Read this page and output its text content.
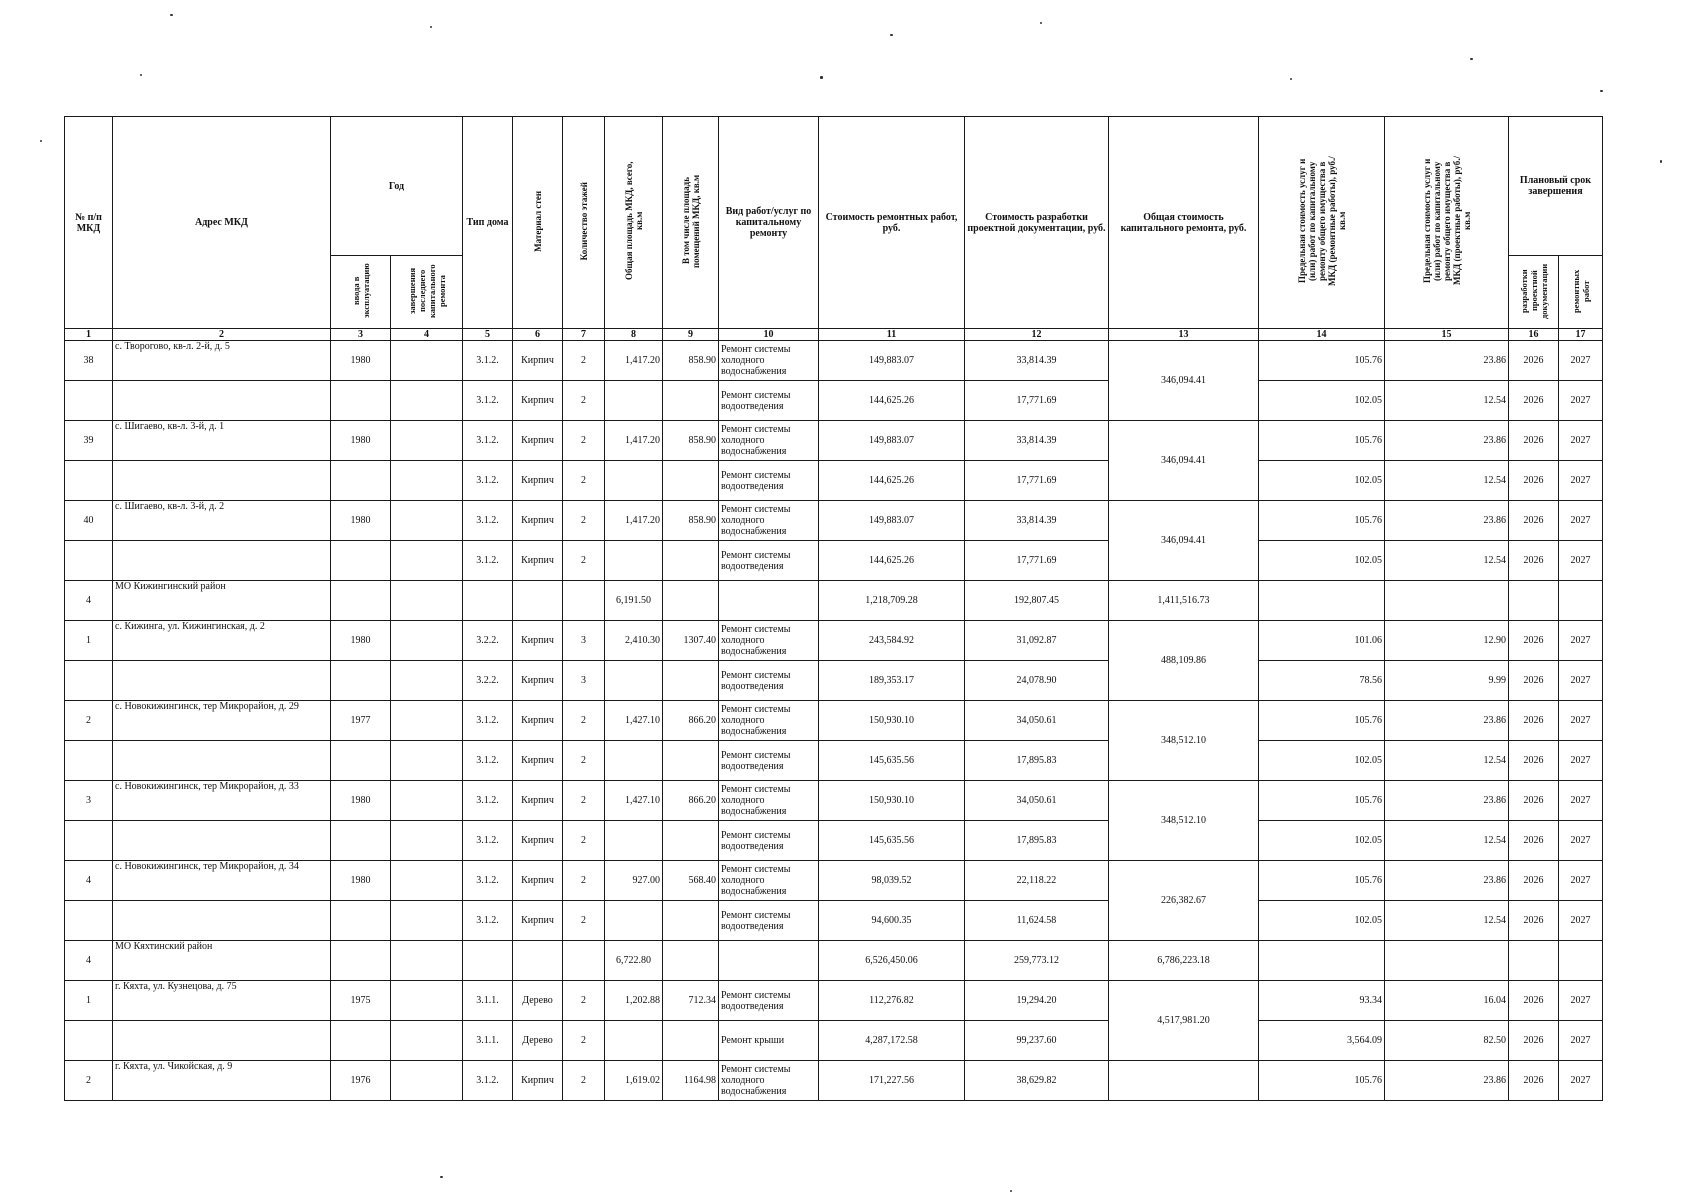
№ п/п МКД	Адрес МКД	Год		Тип дома	Материал стен	Количество этажей	Общая площадь МКД, всего, кв.м	В том числе площадь помещений МКД, кв.м	Вид работ/услуг по капитальному ремонту	Стоимость ремонтных работ, руб.	Стоимость разработки проектной документации, руб.	Общая стоимость капитального ремонта, руб.	Предельная стоимость услуг и (или) работ по капитальному ремонту общего имущества в МКД (ремонтные работы), руб./кв.м	Предельная стоимость услуг и (или) работ по капитальному ремонту общего имущества в МКД (проектные работы), руб./кв.м	Плановый срок завершения	
		ввода в эксплуатацию	завершения последнего капитального ремонта												разработки проектной документации	ремонтных работ
1	2	3	4	5	6	7	8	9	10	11	12	13	14	15	16	17
38	с. Творогово, кв-л. 2-й, д. 5	1980		3.1.2.	Кирпич	2	1,417.20	858.90	Ремонт системы холодного водоснабжения	149,883.07	33,814.39	346,094.41	105.76	23.86	2026	2027
				3.1.2.	Кирпич	2			Ремонт системы водоотведения	144,625.26	17,771.69		102.05	12.54	2026	2027
39	с. Шигаево, кв-л. 3-й, д. 1	1980		3.1.2.	Кирпич	2	1,417.20	858.90	Ремонт системы холодного водоснабжения	149,883.07	33,814.39	346,094.41	105.76	23.86	2026	2027
				3.1.2.	Кирпич	2			Ремонт системы водоотведения	144,625.26	17,771.69		102.05	12.54	2026	2027
40	с. Шигаево, кв-л. 3-й, д. 2	1980		3.1.2.	Кирпич	2	1,417.20	858.90	Ремонт системы холодного водоснабжения	149,883.07	33,814.39	346,094.41	105.76	23.86	2026	2027
				3.1.2.	Кирпич	2			Ремонт системы водоотведения	144,625.26	17,771.69		102.05	12.54	2026	2027
4	МО Кижингинский район						6,191.50			1,218,709.28	192,807.45	1,411,516.73				
1	с. Кижинга, ул. Кижингинская, д. 2	1980		3.2.2.	Кирпич	3	2,410.30	1307.40	Ремонт системы холодного водоснабжения	243,584.92	31,092.87	488,109.86	101.06	12.90	2026	2027
				3.2.2.	Кирпич	3			Ремонт системы водоотведения	189,353.17	24,078.90		78.56	9.99	2026	2027
2	с. Новокижингинск, тер Микрорайон, д. 29	1977		3.1.2.	Кирпич	2	1,427.10	866.20	Ремонт системы холодного водоснабжения	150,930.10	34,050.61	348,512.10	105.76	23.86	2026	2027
				3.1.2.	Кирпич	2			Ремонт системы водоотведения	145,635.56	17,895.83		102.05	12.54	2026	2027
3	с. Новокижингинск, тер Микрорайон, д. 33	1980		3.1.2.	Кирпич	2	1,427.10	866.20	Ремонт системы холодного водоснабжения	150,930.10	34,050.61	348,512.10	105.76	23.86	2026	2027
				3.1.2.	Кирпич	2			Ремонт системы водоотведения	145,635.56	17,895.83		102.05	12.54	2026	2027
4	с. Новокижингинск, тер Микрорайон, д. 34	1980		3.1.2.	Кирпич	2	927.00	568.40	Ремонт системы холодного водоснабжения	98,039.52	22,118.22	226,382.67	105.76	23.86	2026	2027
				3.1.2.	Кирпич	2			Ремонт системы водоотведения	94,600.35	11,624.58		102.05	12.54	2026	2027
4	МО Кяхтинский район						6,722.80			6,526,450.06	259,773.12	6,786,223.18				
1	г. Кяхта, ул. Кузнецова, д. 75	1975		3.1.1.	Дерево	2	1,202.88	712.34	Ремонт системы водоотведения	112,276.82	19,294.20	4,517,981.20	93.34	16.04	2026	2027
				3.1.1.	Дерево	2			Ремонт крыши	4,287,172.58	99,237.60		3,564.09	82.50	2026	2027
2	г. Кяхта, ул. Чикойская, д. 9	1976		3.1.2.	Кирпич	2	1,619.02	1164.98	Ремонт системы холодного водоснабжения	171,227.56	38,629.82		105.76	23.86	2026	2027
